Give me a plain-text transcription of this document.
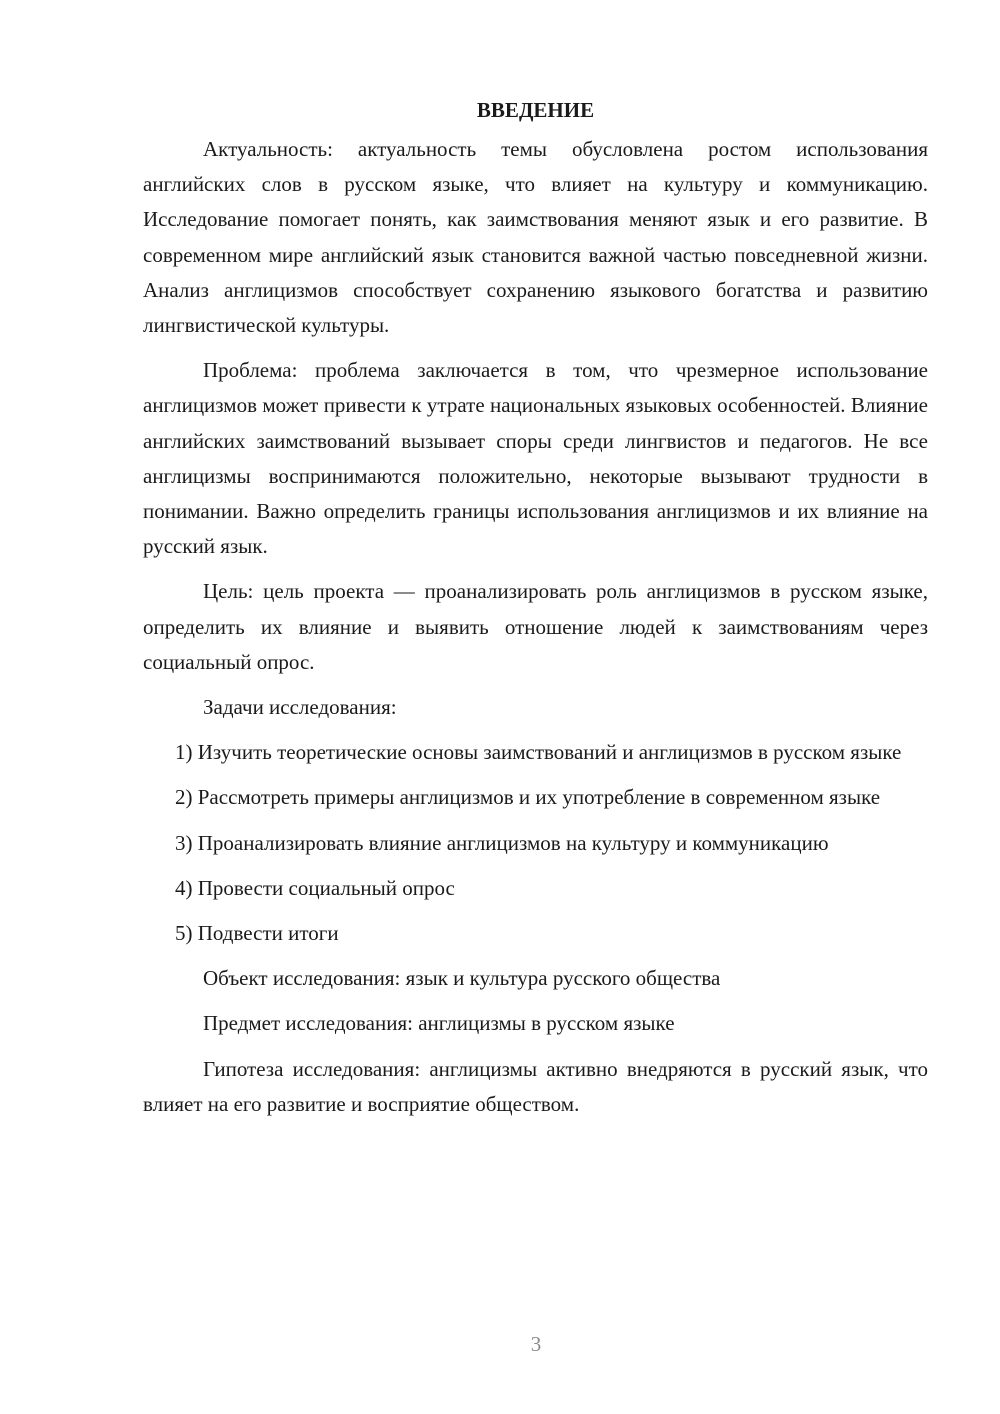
ВВЕДЕНИЕ

Актуальность: актуальность темы обусловлена ростом использования английских слов в русском языке, что влияет на культуру и коммуникацию. Исследование помогает понять, как заимствования меняют язык и его развитие. В современном мире английский язык становится важной частью повседневной жизни. Анализ англицизмов способствует сохранению языкового богатства и развитию лингвистической культуры.

Проблема: проблема заключается в том, что чрезмерное использование англицизмов может привести к утрате национальных языковых особенностей. Влияние английских заимствований вызывает споры среди лингвистов и педагогов. Не все англицизмы воспринимаются положительно, некоторые вызывают трудности в понимании. Важно определить границы использования англицизмов и их влияние на русский язык.

Цель: цель проекта — проанализировать роль англицизмов в русском языке, определить их влияние и выявить отношение людей к заимствованиям через социальный опрос.

Задачи исследования:

1) Изучить теоретические основы заимствований и англицизмов в русском языке

2) Рассмотреть примеры англицизмов и их употребление в современном языке

3) Проанализировать влияние англицизмов на культуру и коммуникацию

4) Провести социальный опрос

5) Подвести итоги

Объект исследования: язык и культура русского общества

Предмет исследования: англицизмы в русском языке

Гипотеза исследования: англицизмы активно внедряются в русский язык, что влияет на его развитие и восприятие обществом.

3
